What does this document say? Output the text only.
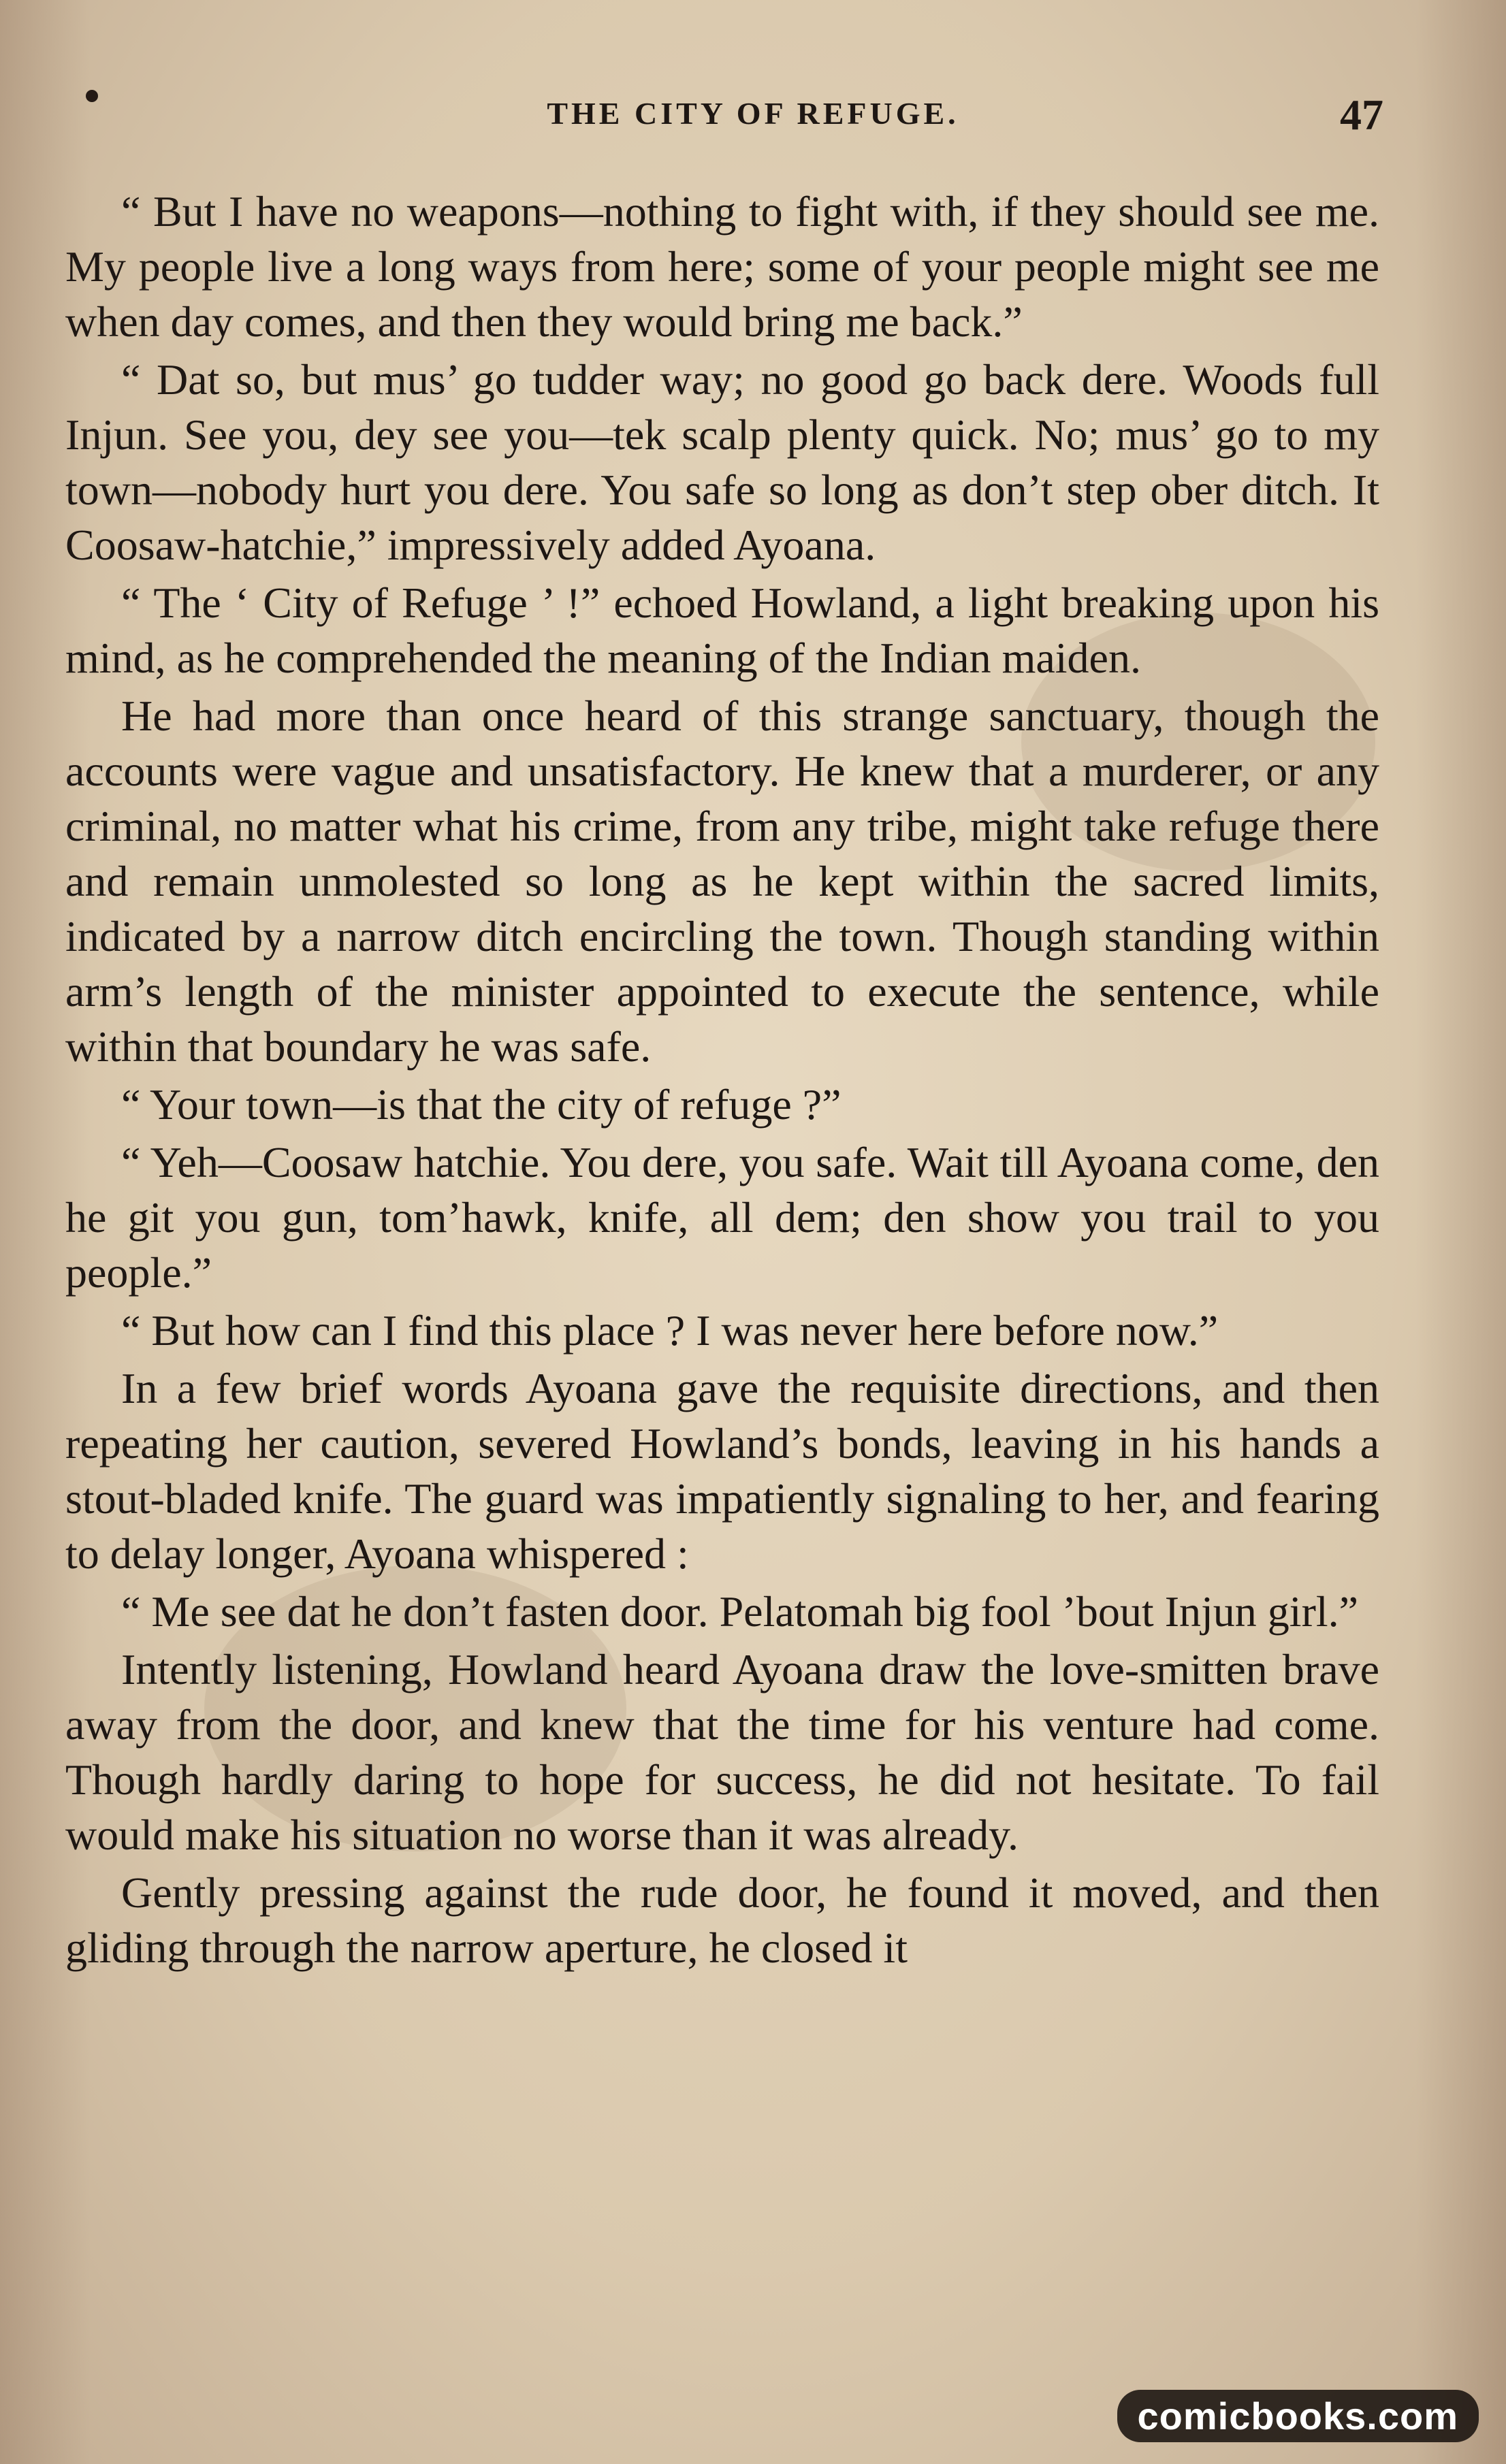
THE CITY OF REFUGE.	47

“ But I have no weapons—nothing to fight with, if they should see me. My people live a long ways from here; some of your people might see me when day comes, and then they would bring me back.”

“ Dat so, but mus’ go tudder way; no good go back dere. Woods full Injun. See you, dey see you—tek scalp plenty quick. No; mus’ go to my town—nobody hurt you dere. You safe so long as don’t step ober ditch. It Coosaw-hatchie,” impressively added Ayoana.

“ The ‘ City of Refuge ’ !” echoed Howland, a light breaking upon his mind, as he comprehended the meaning of the Indian maiden.

He had more than once heard of this strange sanctuary, though the accounts were vague and unsatisfactory. He knew that a murderer, or any criminal, no matter what his crime, from any tribe, might take refuge there and remain unmolested so long as he kept within the sacred limits, indicated by a narrow ditch encircling the town. Though standing within arm’s length of the minister appointed to execute the sentence, while within that boundary he was safe.

“ Your town—is that the city of refuge ?”

“ Yeh—Coosaw hatchie. You dere, you safe. Wait till Ayoana come, den he git you gun, tom’hawk, knife, all dem; den show you trail to you people.”

“ But how can I find this place ? I was never here before now.”

In a few brief words Ayoana gave the requisite directions, and then repeating her caution, severed Howland’s bonds, leaving in his hands a stout-bladed knife. The guard was impatiently signaling to her, and fearing to delay longer, Ayoana whispered :

“ Me see dat he don’t fasten door. Pelatomah big fool ’bout Injun girl.”

Intently listening, Howland heard Ayoana draw the love-smitten brave away from the door, and knew that the time for his venture had come. Though hardly daring to hope for success, he did not hesitate. To fail would make his situation no worse than it was already.

Gently pressing against the rude door, he found it moved, and then gliding through the narrow aperture, he closed it

comicbooks.com
